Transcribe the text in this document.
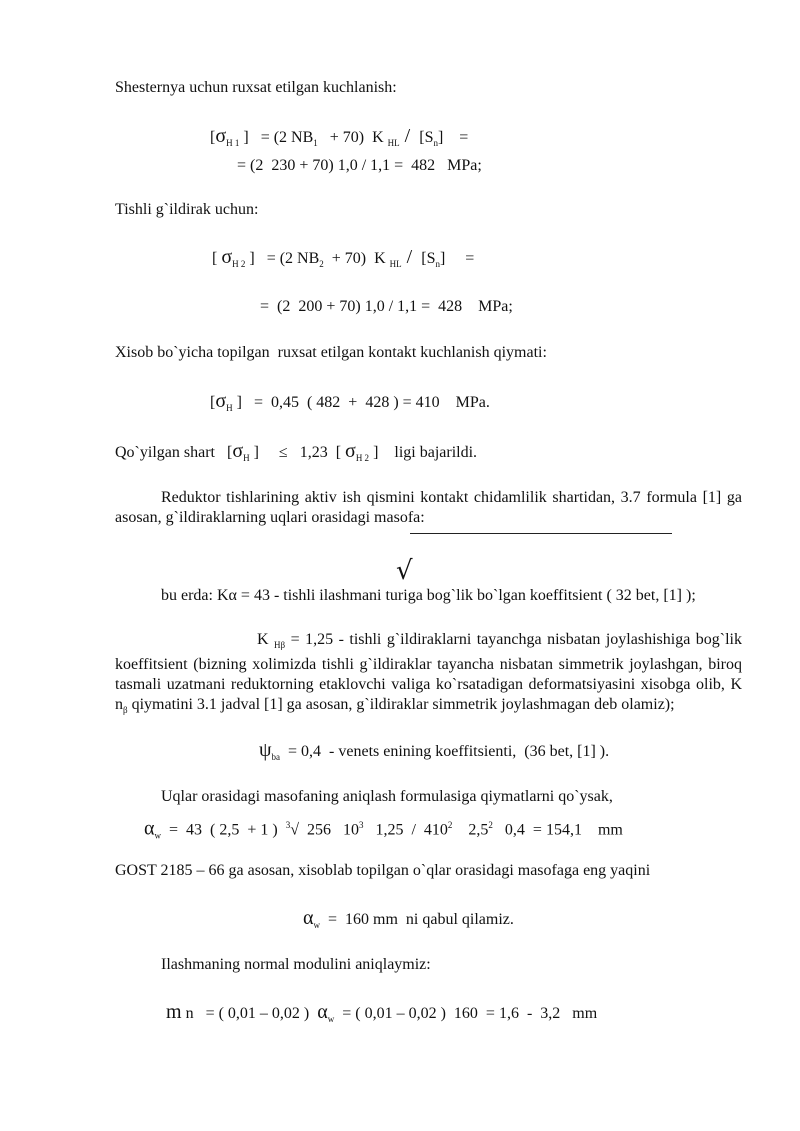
Shesternya uchun ruxsat etilgan kuchlanish:
[$\sigma_{H 1}$ ]   = (2 $NB_1 + 70$)  K $_{HL} / [S_n]$    =
= (2  230 + 70) 1,0 / 1,1 =  482   MPa;
Tishli g`ildirak uchun:
[ $\sigma_{H 2}$ ]   = (2 $NB_2 + 70$)  K $_{HL} / [S_n]$     =
=  (2  200 + 70) 1,0 / 1,1 =  428    MPa;
Xisob bo`yicha topilgan  ruxsat etilgan kontakt kuchlanish qiymati:
[$\sigma_H$ ]   =  0,45  ( 482  +  428 ) = 410    MPa.
Qo`yilgan shart   [$\sigma_H$ ]     ≤   1,23  [ $\sigma_{H 2}$ ]    ligi bajarildi.
Reduktor tishlarining aktiv ish qismini kontakt chidamlilik shartidan, 3.7 formula [1] ga asosan, g`ildiraklarning uqlari orasidagi masofa:
√
bu erda: Kα = 43 - tishli ilashmani turiga bog`lik bo`lgan koeffitsient ( 32 bet, [1] );
K $_{H\beta}$ = 1,25 - tishli g`ildiraklarni tayanchga nisbatan joylashishiga bog`lik koeffitsient (bizning xolimizda tishli g`ildiraklar tayancha nisbatan simmetrik joylashgan, biroq tasmali uzatmani reduktorning etaklovchi valiga ko`rsatadigan deformatsiyasini xisobga olib, K $n_\beta$ qiymatini 3.1 jadval [1] ga asosan, g`ildiraklar simmetrik joylashmagan deb olamiz);
$\psi_{ba} = 0,4$  - venets enining koeffitsienti,  (36 bet, [1] ).
Uqlar orasidagi masofaning aniqlash formulasiga qiymatlarni qo`ysak,
$\alpha_w = 43$  ( 2,5  + 1 )  $^3$√  256   $10^3$   $1,25 / 410^2$    $2,5^2$   0,4  = 154,1    mm
GOST 2185 – 66 ga asosan, xisoblab topilgan o`qlar orasidagi masofaga eng yaqini
$\alpha_w = 160$ mm  ni qabul qilamiz.
Ilashmaning normal modulini aniqlaymiz:
m n   = ( 0,01 – 0,02 )  $\alpha_w$  = ( 0,01 – 0,02 )  160  = 1,6  -  3,2   mm
